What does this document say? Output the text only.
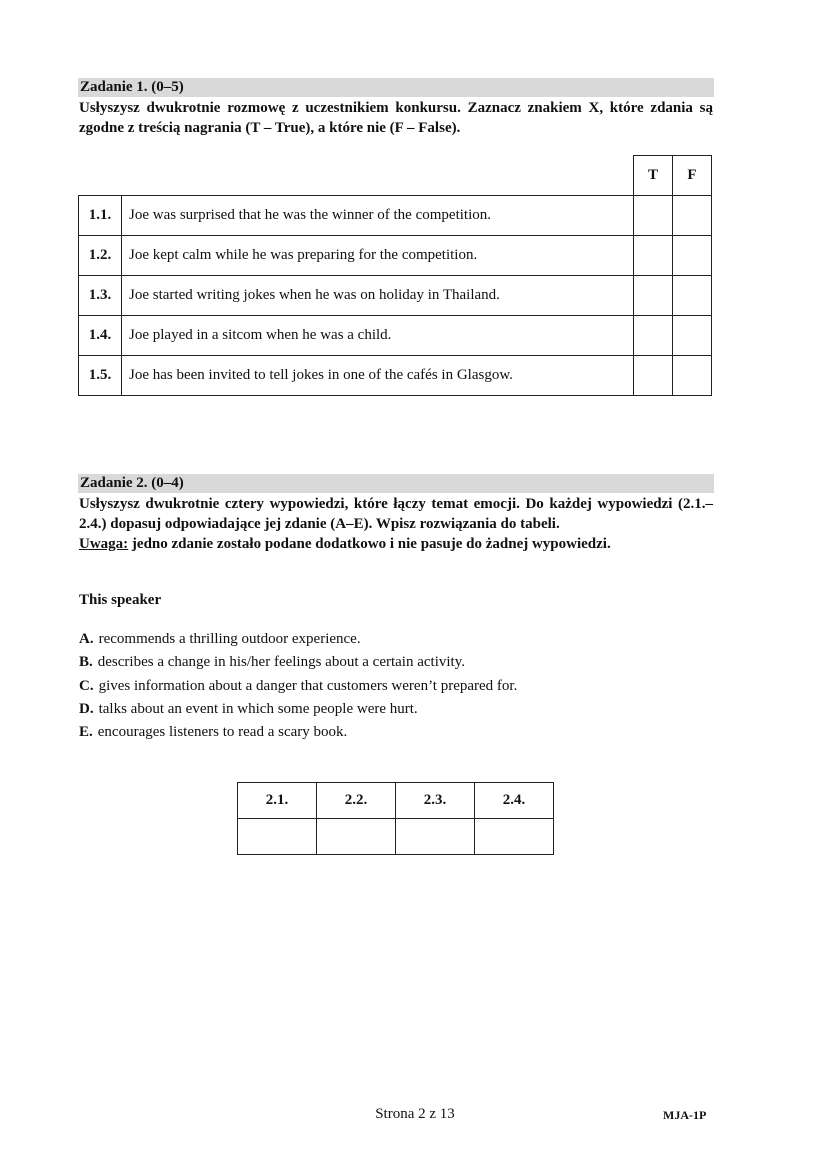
Zadanie 1. (0–5)
Usłyszysz dwukrotnie rozmowę z uczestnikiem konkursu. Zaznacz znakiem X, które zdania są zgodne z treścią nagrania (T – True), a które nie (F – False).
		T	F
1.1.	Joe was surprised that he was the winner of the competition.		
1.2.	Joe kept calm while he was preparing for the competition.		
1.3.	Joe started writing jokes when he was on holiday in Thailand.		
1.4.	Joe played in a sitcom when he was a child.		
1.5.	Joe has been invited to tell jokes in one of the cafés in Glasgow.		
Zadanie 2. (0–4)
Usłyszysz dwukrotnie cztery wypowiedzi, które łączy temat emocji. Do każdej wypowiedzi (2.1.–2.4.) dopasuj odpowiadające jej zdanie (A–E). Wpisz rozwiązania do tabeli.
Uwaga: jedno zdanie zostało podane dodatkowo i nie pasuje do żadnej wypowiedzi.
This speaker
A. recommends a thrilling outdoor experience.
B. describes a change in his/her feelings about a certain activity.
C. gives information about a danger that customers weren’t prepared for.
D. talks about an event in which some people were hurt.
E. encourages listeners to read a scary book.
2.1.	2.2.	2.3.	2.4.

Strona 2 z 13	MJA-1P
